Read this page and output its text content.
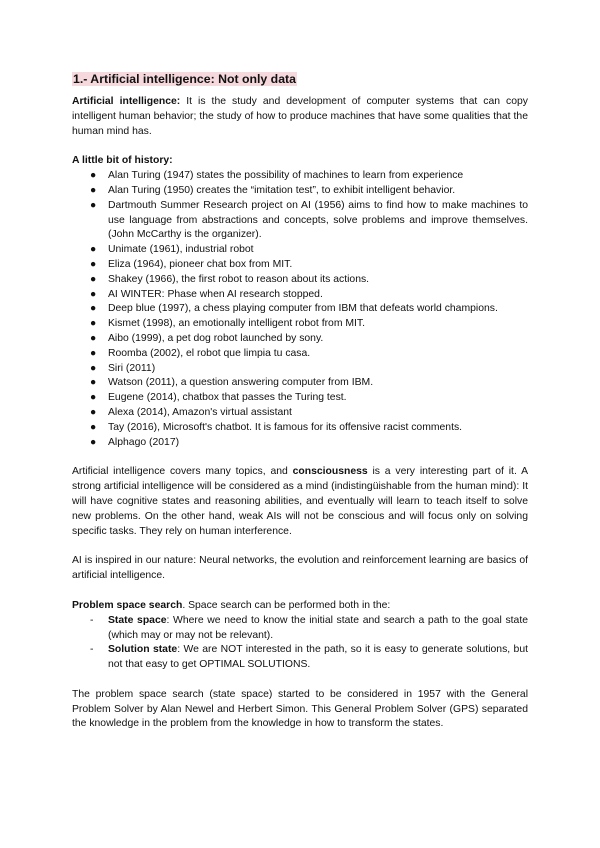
1.- Artificial intelligence: Not only data

Artificial intelligence: It is the study and development of computer systems that can copy intelligent human behavior; the study of how to produce machines that have some qualities that the human mind has.

A little bit of history:

● Alan Turing (1947) states the possibility of machines to learn from experience
● Alan Turing (1950) creates the “imitation test”, to exhibit intelligent behavior.
● Dartmouth Summer Research project on AI (1956) aims to find how to make machines to use language from abstractions and concepts, solve problems and improve themselves. (John McCarthy is the organizer).
● Unimate (1961), industrial robot
● Eliza (1964), pioneer chat box from MIT.
● Shakey (1966), the first robot to reason about its actions.
● AI WINTER: Phase when AI research stopped.
● Deep blue (1997), a chess playing computer from IBM that defeats world champions.
● Kismet (1998), an emotionally intelligent robot from MIT.
● Aibo (1999), a pet dog robot launched by sony.
● Roomba (2002), el robot que limpia tu casa.
● Siri (2011)
● Watson (2011), a question answering computer from IBM.
● Eugene (2014), chatbox that passes the Turing test.
● Alexa (2014), Amazon's virtual assistant
● Tay (2016), Microsoft's chatbot. It is famous for its offensive racist comments.
● Alphago (2017)

Artificial intelligence covers many topics, and consciousness is a very interesting part of it. A strong artificial intelligence will be considered as a mind (indistingüishable from the human mind): It will have cognitive states and reasoning abilities, and eventually will learn to teach itself to solve new problems. On the other hand, weak AIs will not be conscious and will focus only on solving specific tasks. They rely on human interference.

AI is inspired in our nature: Neural networks, the evolution and reinforcement learning are basics of artificial intelligence.

Problem space search. Space search can be performed both in the:

- State space: Where we need to know the initial state and search a path to the goal state (which may or may not be relevant).
- Solution state: We are NOT interested in the path, so it is easy to generate solutions, but not that easy to get OPTIMAL SOLUTIONS.

The problem space search (state space) started to be considered in 1957 with the General Problem Solver by Alan Newel and Herbert Simon. This General Problem Solver (GPS) separated the knowledge in the problem from the knowledge in how to transform the states.
